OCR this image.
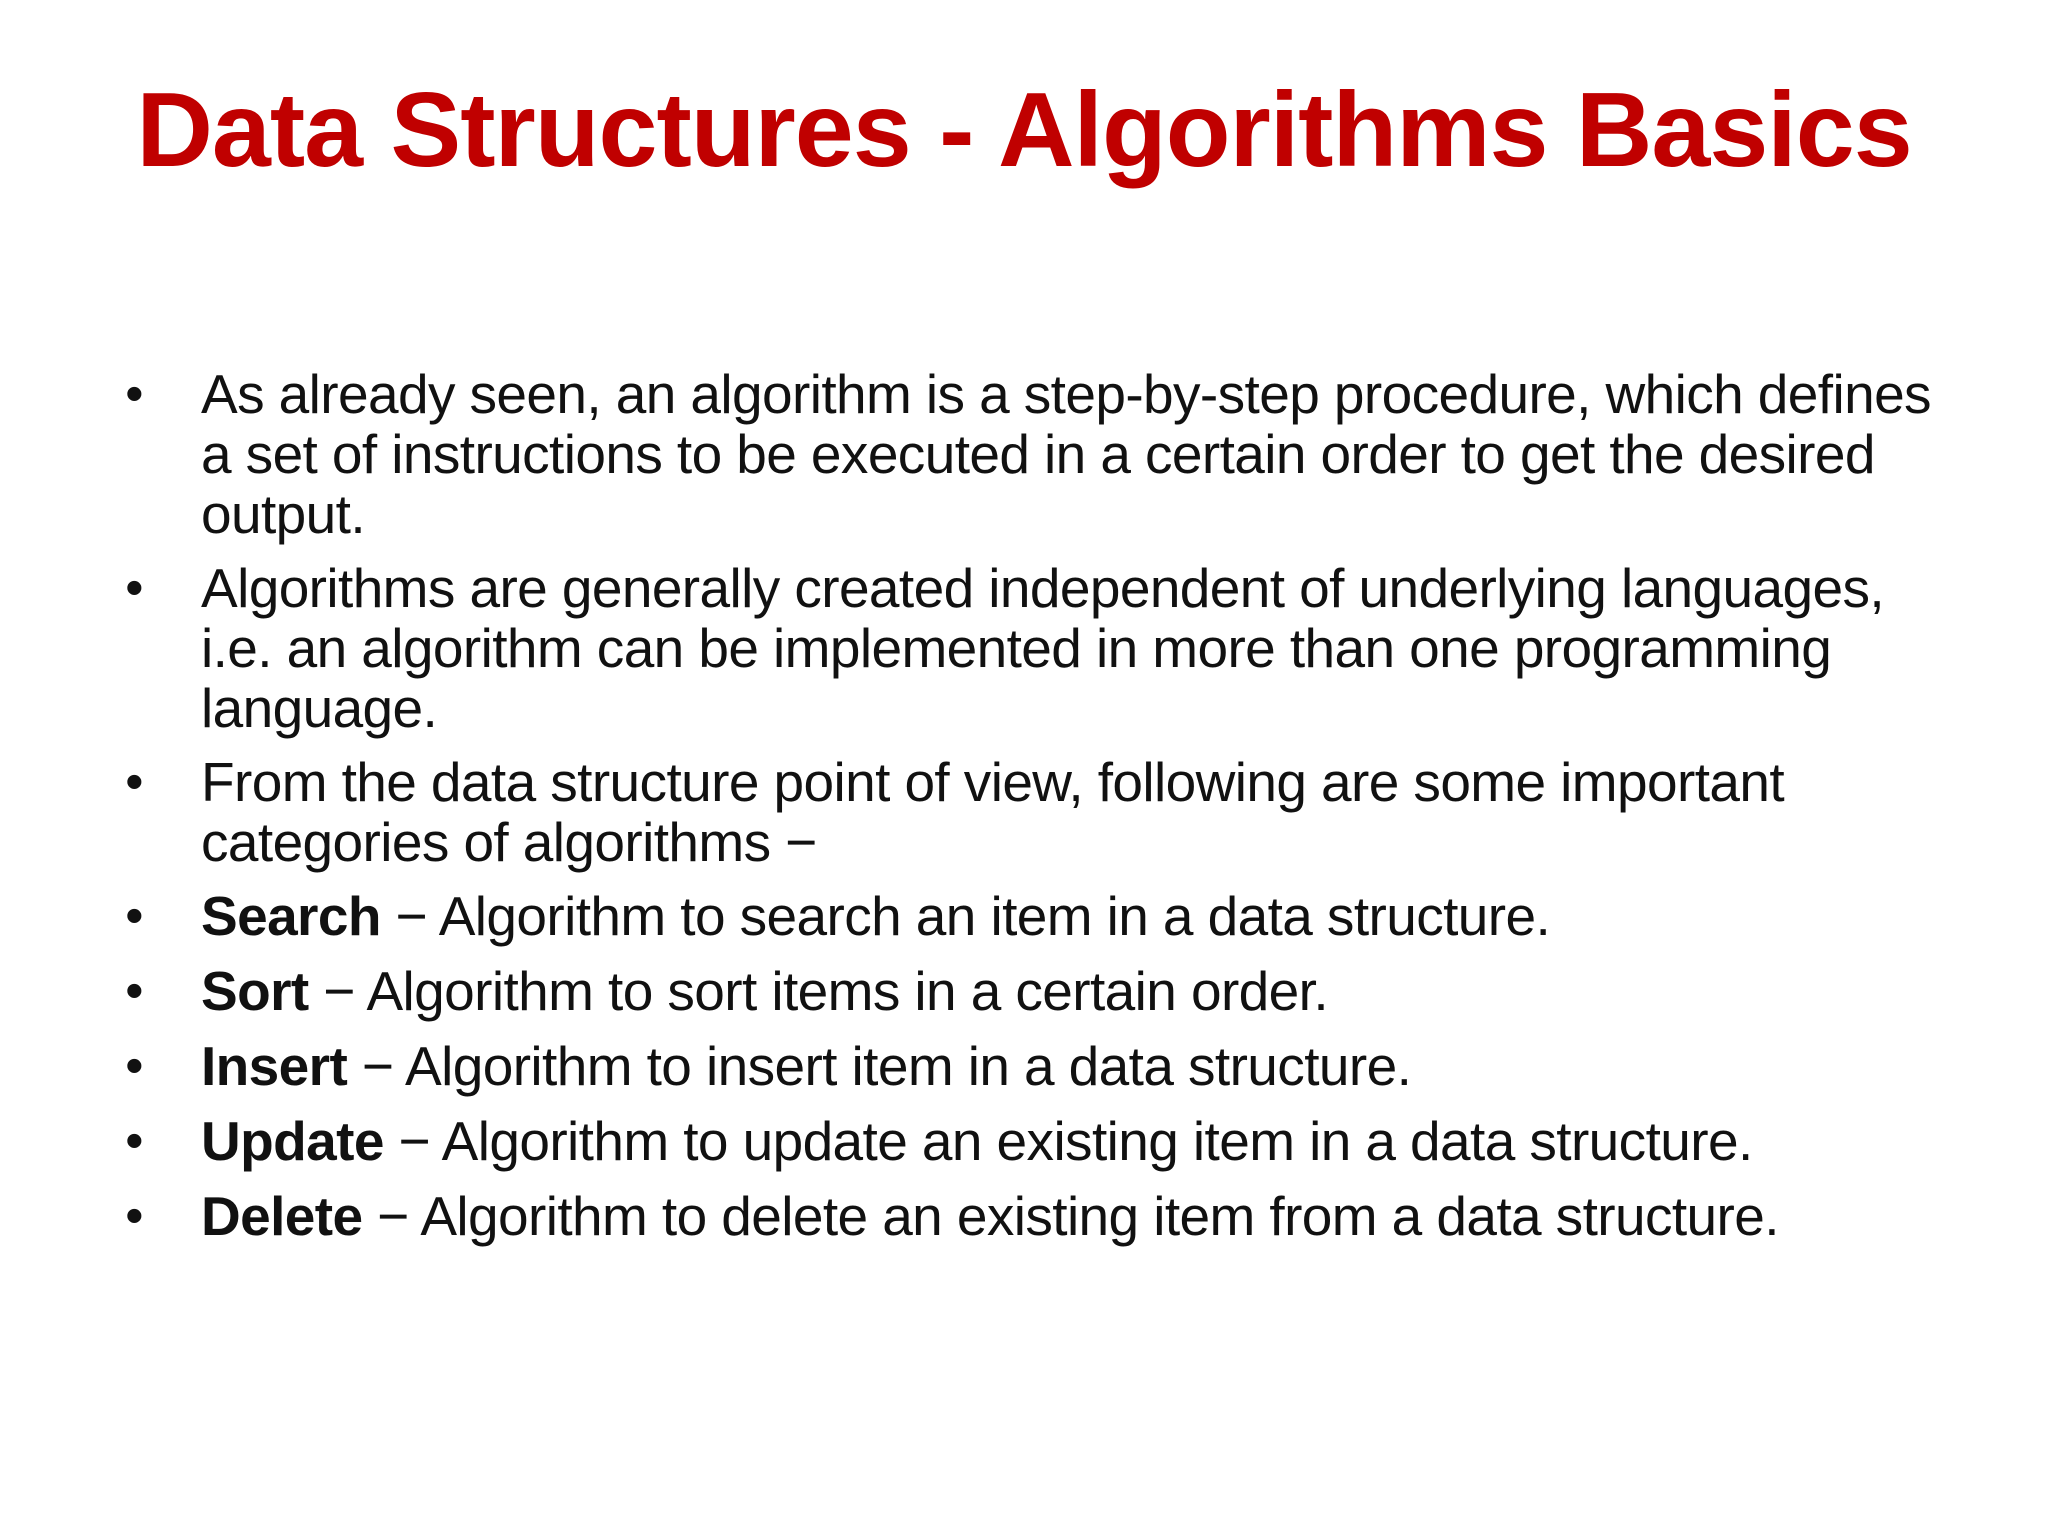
Data Structures - Algorithms Basics
• As already seen, an algorithm is a step-by-step procedure, which defines a set of instructions to be executed in a certain order to get the desired output.
• Algorithms are generally created independent of underlying languages, i.e. an algorithm can be implemented in more than one programming language.
• From the data structure point of view, following are some important categories of algorithms −
• Search − Algorithm to search an item in a data structure.
• Sort − Algorithm to sort items in a certain order.
• Insert − Algorithm to insert item in a data structure.
• Update − Algorithm to update an existing item in a data structure.
• Delete − Algorithm to delete an existing item from a data structure.
